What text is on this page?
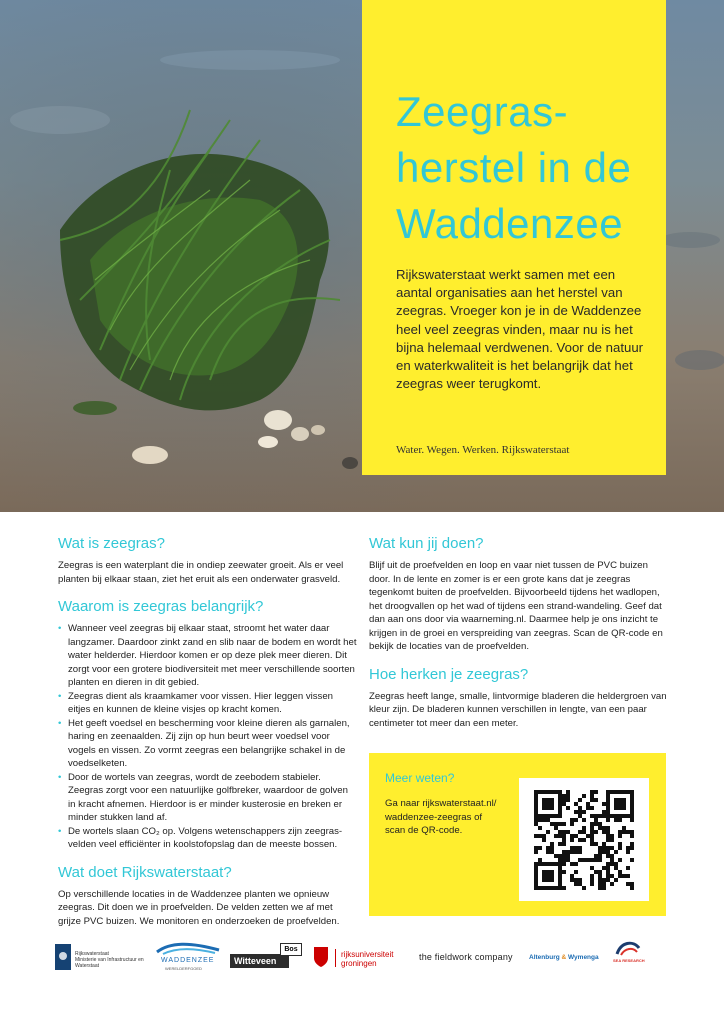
Zeegras-
herstel in de
Waddenzee

Rijkswaterstaat werkt samen met een aantal organisaties aan het herstel van zeegras. Vroeger kon je in de Waddenzee heel veel zeegras vinden, maar nu is het bijna helemaal verdwenen. Voor de natuur en waterkwaliteit is het belangrijk dat het zeegras weer terugkomt.

Water. Wegen. Werken. Rijkswaterstaat

Wat is zeegras?

Zeegras is een waterplant die in ondiep zeewater groeit. Als er veel planten bij elkaar staan, ziet het eruit als een onderwater grasveld.

Waarom is zeegras belangrijk?
• Wanneer veel zeegras bij elkaar staat, stroomt het water daar langzamer. Daardoor zinkt zand en slib naar de bodem en wordt het water helderder. Hierdoor komen er op deze plek meer dieren. Dit zorgt voor een grotere biodiversiteit met meer verschillende soorten planten en dieren in dit gebied.
• Zeegras dient als kraamkamer voor vissen. Hier leggen vissen eitjes en kunnen de kleine visjes op kracht komen.
• Het geeft voedsel en bescherming voor kleine dieren als garnalen, haring en zeenaalden. Zij zijn op hun beurt weer voedsel voor vogels en vissen. Zo vormt zeegras een belangrijke schakel in de voedselketen.
• Door de wortels van zeegras, wordt de zeebodem stabieler. Zeegras zorgt voor een natuurlijke golfbreker, waardoor de golven in kracht afnemen. Hierdoor is er minder kusterosie en breken er minder stukken land af.
• De wortels slaan CO₂ op. Volgens wetenschappers zijn zeegras-velden veel efficiënter in koolstofopslag dan de meeste bossen.
Wat doet Rijkswaterstaat?

Op verschillende locaties in de Waddenzee planten we opnieuw zeegras. Dit doen we in proefvelden. De velden zetten we af met grijze PVC buizen. We monitoren en onderzoeken de proefvelden.

Wat kun jij doen?

Blijf uit de proefvelden en loop en vaar niet tussen de PVC buizen door. In de lente en zomer is er een grote kans dat je zeegras tegenkomt buiten de proefvelden. Bijvoorbeeld tijdens het wadlopen, het droogvallen op het wad of tijdens een strand-wandeling. Geef dat dan aan ons door via waarneming.nl. Daarmee help je ons inzicht te krijgen in de groei en verspreiding van zeegras. Scan de QR-code en bekijk de locaties van de proefvelden.

Hoe herken je zeegras?

Zeegras heeft lange, smalle, lintvormige bladeren die heldergroen van kleur zijn. De bladeren kunnen verschillen in lengte, van een paar centimeter tot meer dan een meter.

Meer weten?

Ga naar rijkswaterstaat.nl/ waddenzee-zeegras of scan de QR-code.

Rijkswaterstaat
Ministerie van Infrastructuur en Waterstaat
WADDENZEE
WERELDERFGOED
Witteveen
Bos
rijksuniversiteit
groningen
the fieldwork company	Altenburg & Wymenga	SEA RESEARCH
